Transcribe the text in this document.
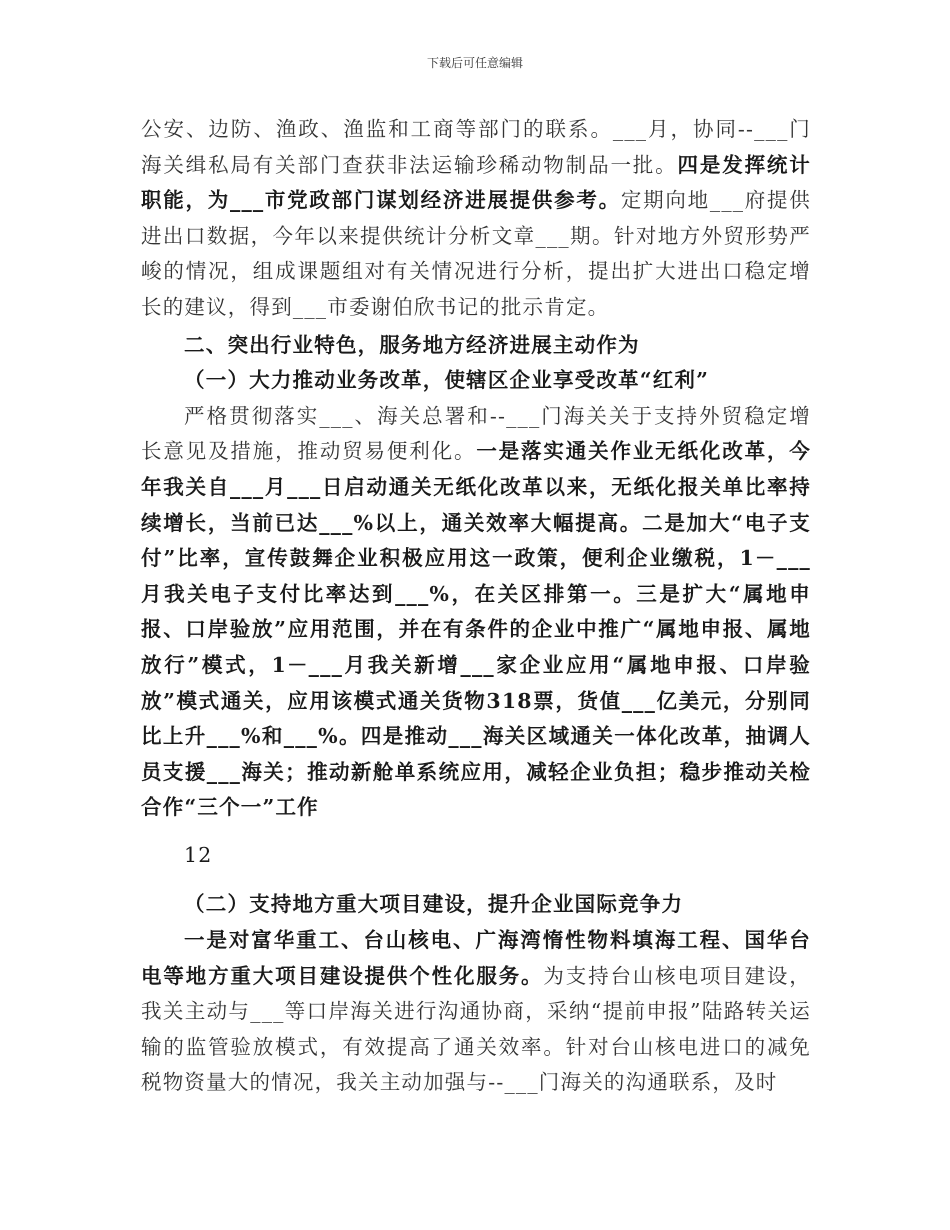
下载后可任意编辑

公安、边防、渔政、渔监和工商等部门的联系。___月，协同--___门海关缉私局有关部门查获非法运输珍稀动物制品一批。四是发挥统计职能，为___市党政部门谋划经济进展提供参考。定期向地___府提供进出口数据，今年以来提供统计分析文章___期。针对地方外贸形势严峻的情况，组成课题组对有关情况进行分析，提出扩大进出口稳定增长的建议，得到___市委谢伯欣书记的批示肯定。

二、突出行业特色，服务地方经济进展主动作为

（一）大力推动业务改革，使辖区企业享受改革“红利”

严格贯彻落实___、海关总署和--___门海关关于支持外贸稳定增长意见及措施，推动贸易便利化。一是落实通关作业无纸化改革，今年我关自___月___日启动通关无纸化改革以来，无纸化报关单比率持续增长，当前已达___%以上，通关效率大幅提高。二是加大“电子支付”比率，宣传鼓舞企业积极应用这一政策，便利企业缴税，1－___月我关电子支付比率达到___%，在关区排第一。三是扩大“属地申报、口岸验放”应用范围，并在有条件的企业中推广“属地申报、属地放行”模式，1－___月我关新增___家企业应用“属地申报、口岸验放”模式通关，应用该模式通关货物318票，货值___亿美元，分别同比上升___%和___%。四是推动___海关区域通关一体化改革，抽调人员支援___海关；推动新舱单系统应用，减轻企业负担；稳步推动关检合作“三个一”工作

12

（二）支持地方重大项目建设，提升企业国际竞争力

一是对富华重工、台山核电、广海湾惰性物料填海工程、国华台电等地方重大项目建设提供个性化服务。为支持台山核电项目建设，我关主动与___等口岸海关进行沟通协商，采纳“提前申报”陆路转关运输的监管验放模式，有效提高了通关效率。针对台山核电进口的减免税物资量大的情况，我关主动加强与--___门海关的沟通联系，及时
